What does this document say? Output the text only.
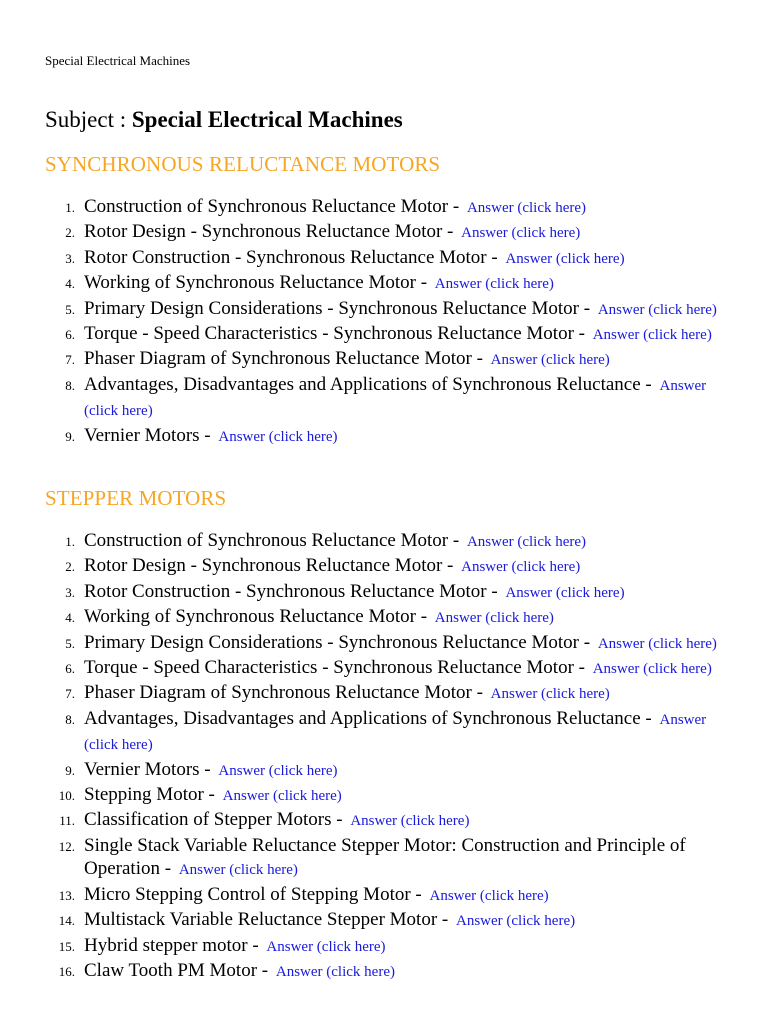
Special Electrical Machines

Subject : Special Electrical Machines
SYNCHRONOUS RELUCTANCE MOTORS
1. Construction of Synchronous Reluctance Motor - Answer (click here)
2. Rotor Design - Synchronous Reluctance Motor - Answer (click here)
3. Rotor Construction - Synchronous Reluctance Motor - Answer (click here)
4. Working of Synchronous Reluctance Motor - Answer (click here)
5. Primary Design Considerations - Synchronous Reluctance Motor - Answer (click here)
6. Torque - Speed Characteristics - Synchronous Reluctance Motor - Answer (click here)
7. Phaser Diagram of Synchronous Reluctance Motor - Answer (click here)
8. Advantages, Disadvantages and Applications of Synchronous Reluctance - Answer (click here)
9. Vernier Motors - Answer (click here)
STEPPER MOTORS
1. Construction of Synchronous Reluctance Motor - Answer (click here)
2. Rotor Design - Synchronous Reluctance Motor - Answer (click here)
3. Rotor Construction - Synchronous Reluctance Motor - Answer (click here)
4. Working of Synchronous Reluctance Motor - Answer (click here)
5. Primary Design Considerations - Synchronous Reluctance Motor - Answer (click here)
6. Torque - Speed Characteristics - Synchronous Reluctance Motor - Answer (click here)
7. Phaser Diagram of Synchronous Reluctance Motor - Answer (click here)
8. Advantages, Disadvantages and Applications of Synchronous Reluctance - Answer (click here)
9. Vernier Motors - Answer (click here)
10. Stepping Motor - Answer (click here)
11. Classification of Stepper Motors - Answer (click here)
12. Single Stack Variable Reluctance Stepper Motor: Construction and Principle of Operation - Answer (click here)
13. Micro Stepping Control of Stepping Motor - Answer (click here)
14. Multistack Variable Reluctance Stepper Motor - Answer (click here)
15. Hybrid stepper motor - Answer (click here)
16. Claw Tooth PM Motor - Answer (click here)
